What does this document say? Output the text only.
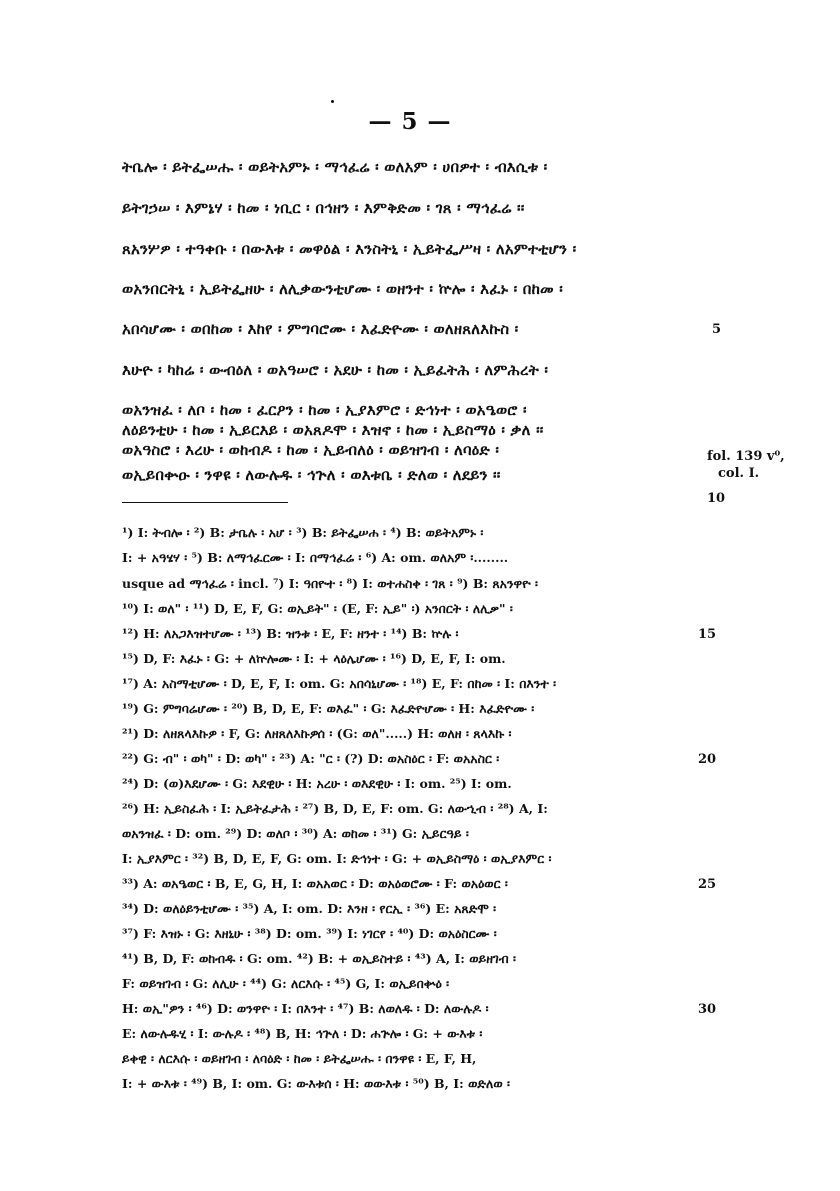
— 5 —
ትቤሎ ፡ ይትፌሠሑ ፡ ወይትአምኑ ፡ ማኅፈሬ ፡ ወለአም ፡ ሀበዎተ ፡ ብእሲቱ ፡
ይትገኃሠ ፡ እምኔሃ ፡ ከመ ፡ ነቢር ፡ በኅዘን ፡ እምቅድመ ፡ ገጸ ፡ ማኅፈሬ ፡፡
ጸአንሦዎ ፡ ተዓቀቡ ፡ በውእቱ ፡ መዋዕል ፡ እንስትኒ ፡ ኢይትፌሥዛ ፡ ለአምተቲሆን ፡
ወአንበርትኒ ፡ ኢይትፌዘሁ ፡ ለሊቃውንቲሆሙ ፡ ወዘንተ ፡ ኵሎ ፡ እፈኑ ፡ በከመ ፡
አበሳሆሙ ፡ ወበከመ ፡ እከየ ፡ ምግባሮሙ ፡ እፈድዮሙ ፡ ወለዘጸለእኩስ ፡
እሁዮ ፡ ካከሬ ፡ ውብዕለ ፡ ወአዓሠሮ ፡ አደሁ ፡ ከመ ፡ ኢይፈትሕ ፡ ለምሕረት ፡
ወአንዝፈ ፡ ለቦ ፡ ከመ ፡ ፈርዖን ፡ ከመ ፡ ኢያእምሮ ፡ ድኅነተ ፡ ወአዔወሮ ፡
ለዕይንቲሁ ፡ ከመ ፡ ኢይርእይ ፡ ወአጸዶሞ ፡ እዝኖ ፡ ከመ ፡ ኢይስማዕ ፡ ቃለ ፡፡
ወአዓስሮ ፡ እረሁ ፡ ወከብዶ ፡ ከመ ፡ ኢይብለዕ ፡ ወይዝገብ ፡ ለባዕድ ፡
5
fol. 139 v⁰,
col. I.
10
¹) I: ትብሎ ፡ ²) B: ታቤሉ ፡ አሆ ፡ ³) B: ይትፌሠሐ ፡ ⁴) B: ወይትአምኑ ፡
I: + አዓሄሃ ፡ ⁵) B: ለማኅፈርሙ ፡ I: በማኅፈሬ ፡ ⁶) A: om. ወለአም ፡........
usque ad ማኅፈሬ ፡ incl. ⁷) I: ዓበዮተ ፡ ⁸) I: ወተሐስቀ ፡ ገጸ ፡ ⁹) B: ጸአንዋዮ ፡
¹⁰) I: ወለ" ፡ ¹¹) D, E, F, G: ወኢይት" ፡ (E, F: ኢይ" ፡) አንበርት ፡ ለሊቃ" ፡
¹²) H: ለአጋእዝተሆሙ ፡ ¹³) B: ዝንቱ ፡ E, F: ዘንተ ፡ ¹⁴) B: ኵሉ ፡
¹⁵) D, F: እፈኑ ፡ G: + ለኵሎሙ ፡ I: + ላዕሌሆሙ ፡ ¹⁶) D, E, F, I: om.
¹⁷) A: አስማቲሆሙ ፡ D, E, F, I: om. G: አበሳኒሆሙ ፡ ¹⁸) E, F: በከመ ፡ I: በእንተ ፡
¹⁹) G: ምግባሬሆሙ ፡ ²⁰) B, D, E, F: ወእፈ" ፡ G: እፈድዮሆሙ ፡ H: እፈድዮሙ ፡
²¹) D: ለዘጸላእኩዎ ፡ F, G: ለዘጸለእኩዎሰ ፡ (G: ወለ".....) H: ወለዘ ፡ ጸላእኩ ፡
²²) G: ብ" ፡ ወካ" ፡ D: ወካ" ፡ ²³) A: "ር ፡ (?) D: ወአስዕር ፡ F: ወአአስር ፡
²⁴) D: (ወ)እደሆሙ ፡ G: እደዊሁ ፡ H: አረሁ ፡ ወእደዊሁ ፡ I: om. ²⁵) I: om.
²⁶) H: ኢይስፈሕ ፡ I: ኢይትፈታሕ ፡ ²⁷) B, D, E, F: om. G: ለውኂብ ፡ ²⁸) A, I:
ወአንዝፈ ፡ D: om. ²⁹) D: ወለቦ ፡ ³⁰) A: ወከመ ፡ ³¹) G: ኢይርዓይ ፡
I: ኢያእምር ፡ ³²) B, D, E, F, G: om. I: ድኅነተ ፡ G: + ወኢይስማዕ ፡ ወኢያእምር ፡
³³) A: ወአዔወር ፡ B, E, G, H, I: ወአአወር ፡ D: ወአዕወሮሙ ፡ F: ወአዕወር ፡
³⁴) D: ወለዕይንቲሆሙ ፡ ³⁵) A, I: om. D: እንዘ ፡ የርኢ ፡ ³⁶) E: አጸድሞ ፡
³⁷) F: እዝኑ ፡ G: እዘኒሁ ፡ ³⁸) D: om. ³⁹) I: ነገርየ ፡ ⁴⁰) D: ወአዕስርሙ ፡
⁴¹) B, D, F: ወከብዱ ፡ G: om. ⁴²) B: + ወኢይስተይ ፡ ⁴³) A, I: ወይዘገብ ፡
F: ወይዝገብ ፡ G: ለሊሁ ፡ ⁴⁴) G: ለርእሱ ፡ ⁴⁵) G, I: ወኢይበቍዕ ፡
H: ወኢ"ዎን ፡ ⁴⁶) D: ወንዋዮ ፡ I: በእንተ ፡ ⁴⁷) B: ለወለዱ ፡ D: ለውሉዶ ፡
E: ለውሉዱሂ ፡ I: ውሉዶ ፡ ⁴⁸) B, H: ኅጕለ ፡ D: ሐጕሎ ፡ G: + ውእቱ ፡
ይቀዊ ፡ ለርእሱ ፡ ወይዘገብ ፡ ለባዕድ ፡ ከመ ፡ ይትፌሠሑ ፡ በንዋዩ ፡ E, F, H,
I: + ውእቱ ፡ ⁴⁹) B, I: om. G: ውእቱሰ ፡ H: ወውእቱ ፡ ⁵⁰) B, I: ወድለወ ፡
15
20
25
30
ወኢይበቍዑ ፡ ንዋዩ ፡ ለውሉዱ ፡ ኅጕለ ፡ ወእቱቤ ፡ ድለወ ፡ ለደይን ፡፡
